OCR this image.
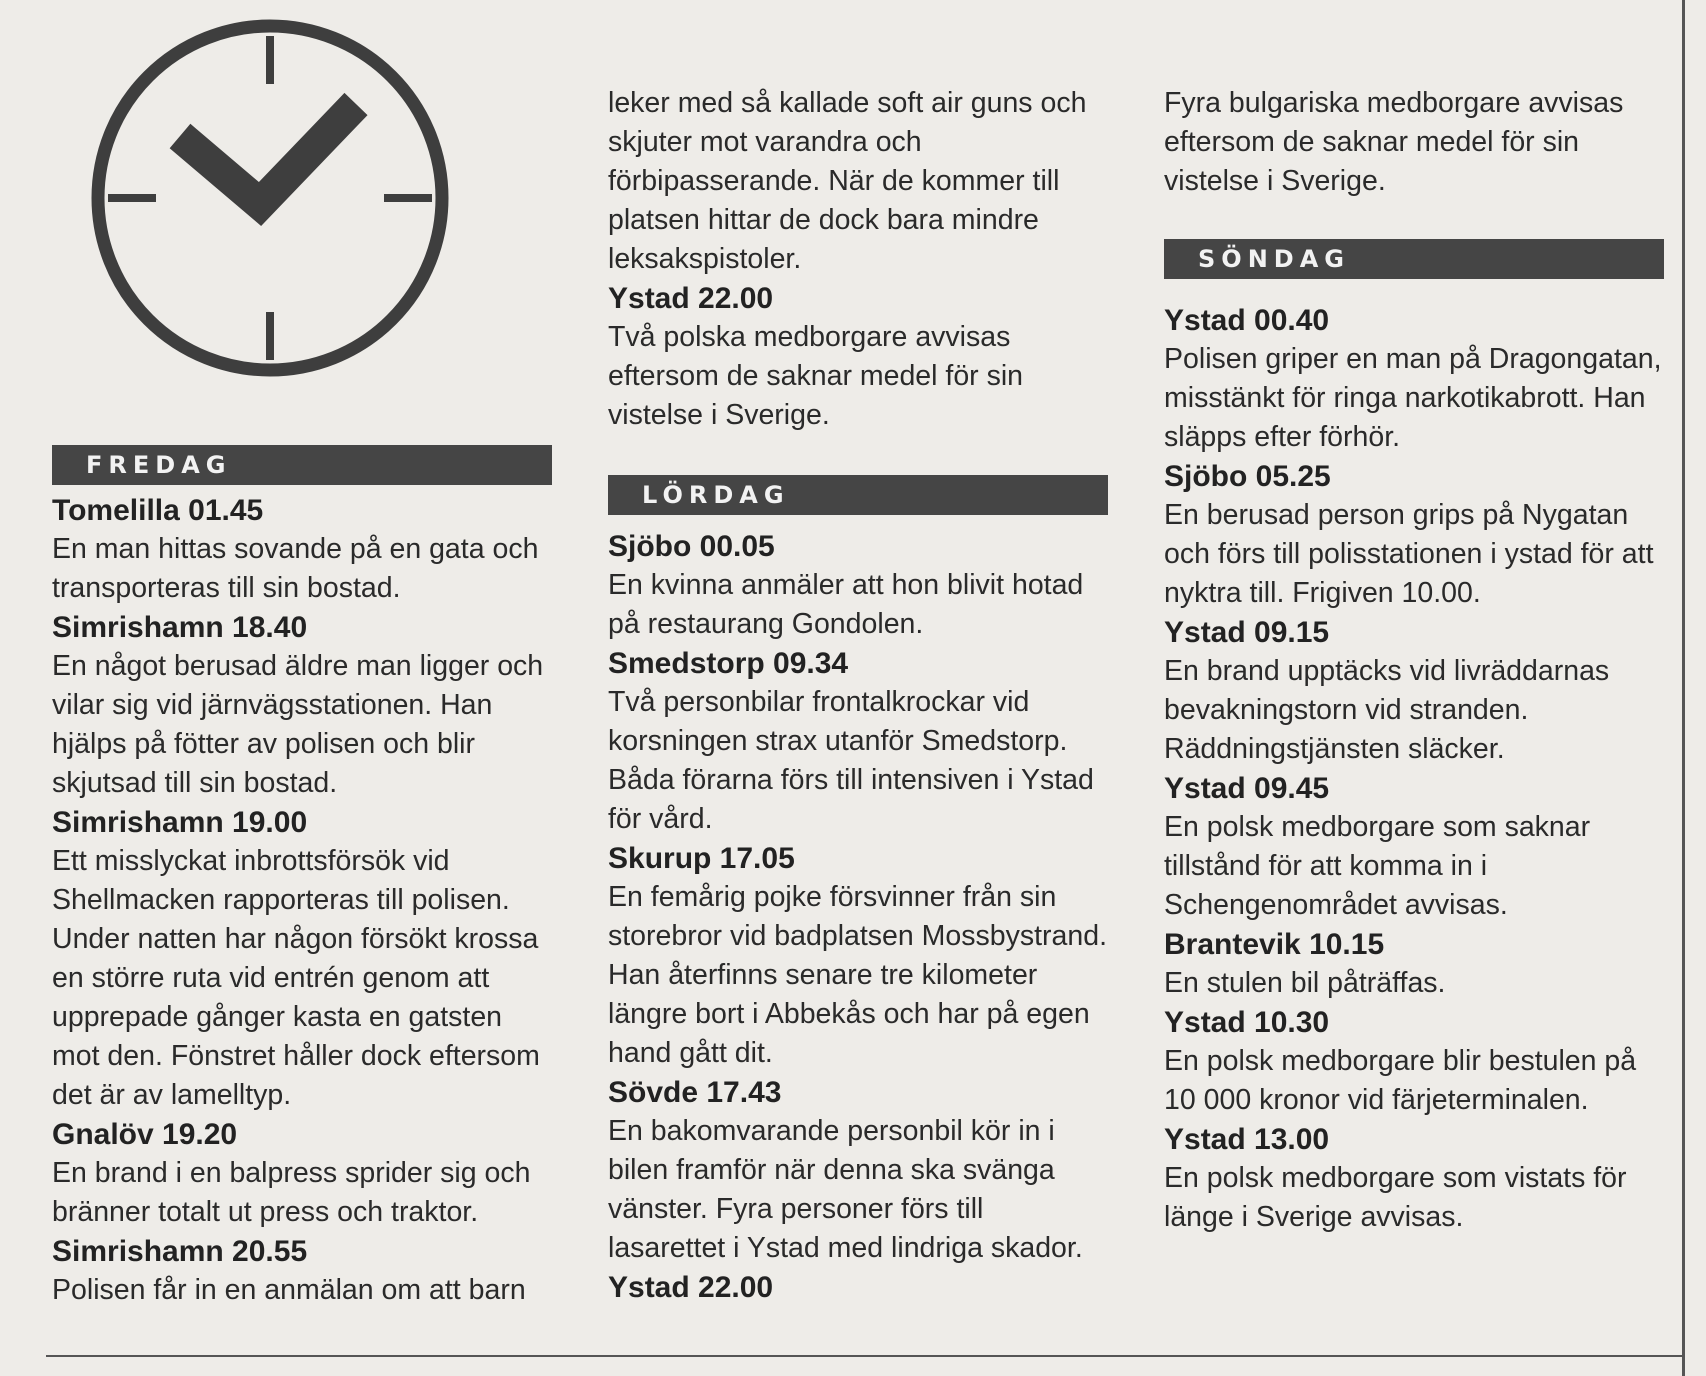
FREDAG
Tomelilla 01.45
En man hittas sovande på en gata och transporteras till sin bostad.
Simrishamn 18.40
En något berusad äldre man ligger och vilar sig vid järnvägsstationen. Han hjälps på fötter av polisen och blir skjutsad till sin bostad.
Simrishamn 19.00
Ett misslyckat inbrottsförsök vid Shellmacken rapporteras till polisen. Under natten har någon försökt krossa en större ruta vid entrén genom att upprepade gånger kasta en gatsten mot den. Fönstret håller dock eftersom det är av lamelltyp.
Gnalöv 19.20
En brand i en balpress sprider sig och bränner totalt ut press och traktor.
Simrishamn 20.55
Polisen får in en anmälan om att barn
leker med så kallade soft air guns och skjuter mot varandra och förbipasserande. När de kommer till platsen hittar de dock bara mindre leksakspistoler.
Ystad 22.00
Två polska medborgare avvisas eftersom de saknar medel för sin vistelse i Sverige.
LÖRDAG
Sjöbo 00.05
En kvinna anmäler att hon blivit hotad på restaurang Gondolen.
Smedstorp 09.34
Två personbilar frontalkrockar vid korsningen strax utanför Smedstorp. Båda förarna förs till intensiven i Ystad för vård.
Skurup 17.05
En femårig pojke försvinner från sin storebror vid badplatsen Mossbystrand. Han återfinns senare tre kilometer längre bort i Abbekås och har på egen hand gått dit.
Sövde 17.43
En bakomvarande personbil kör in i bilen framför när denna ska svänga vänster. Fyra personer förs till lasarettet i Ystad med lindriga skador.
Ystad 22.00
Fyra bulgariska medborgare avvisas eftersom de saknar medel för sin vistelse i Sverige.
SÖNDAG
Ystad 00.40
Polisen griper en man på Dragongatan, misstänkt för ringa narkotikabrott. Han släpps efter förhör.
Sjöbo 05.25
En berusad person grips på Nygatan och förs till polisstationen i ystad för att nyktra till. Frigiven 10.00.
Ystad 09.15
En brand upptäcks vid livräddarnas bevakningstorn vid stranden. Räddningstjänsten släcker.
Ystad 09.45
En polsk medborgare som saknar tillstånd för att komma in i Schengenområdet avvisas.
Brantevik 10.15
En stulen bil påträffas.
Ystad 10.30
En polsk medborgare blir bestulen på 10 000 kronor vid färjeterminalen.
Ystad 13.00
En polsk medborgare som vistats för länge i Sverige avvisas.
